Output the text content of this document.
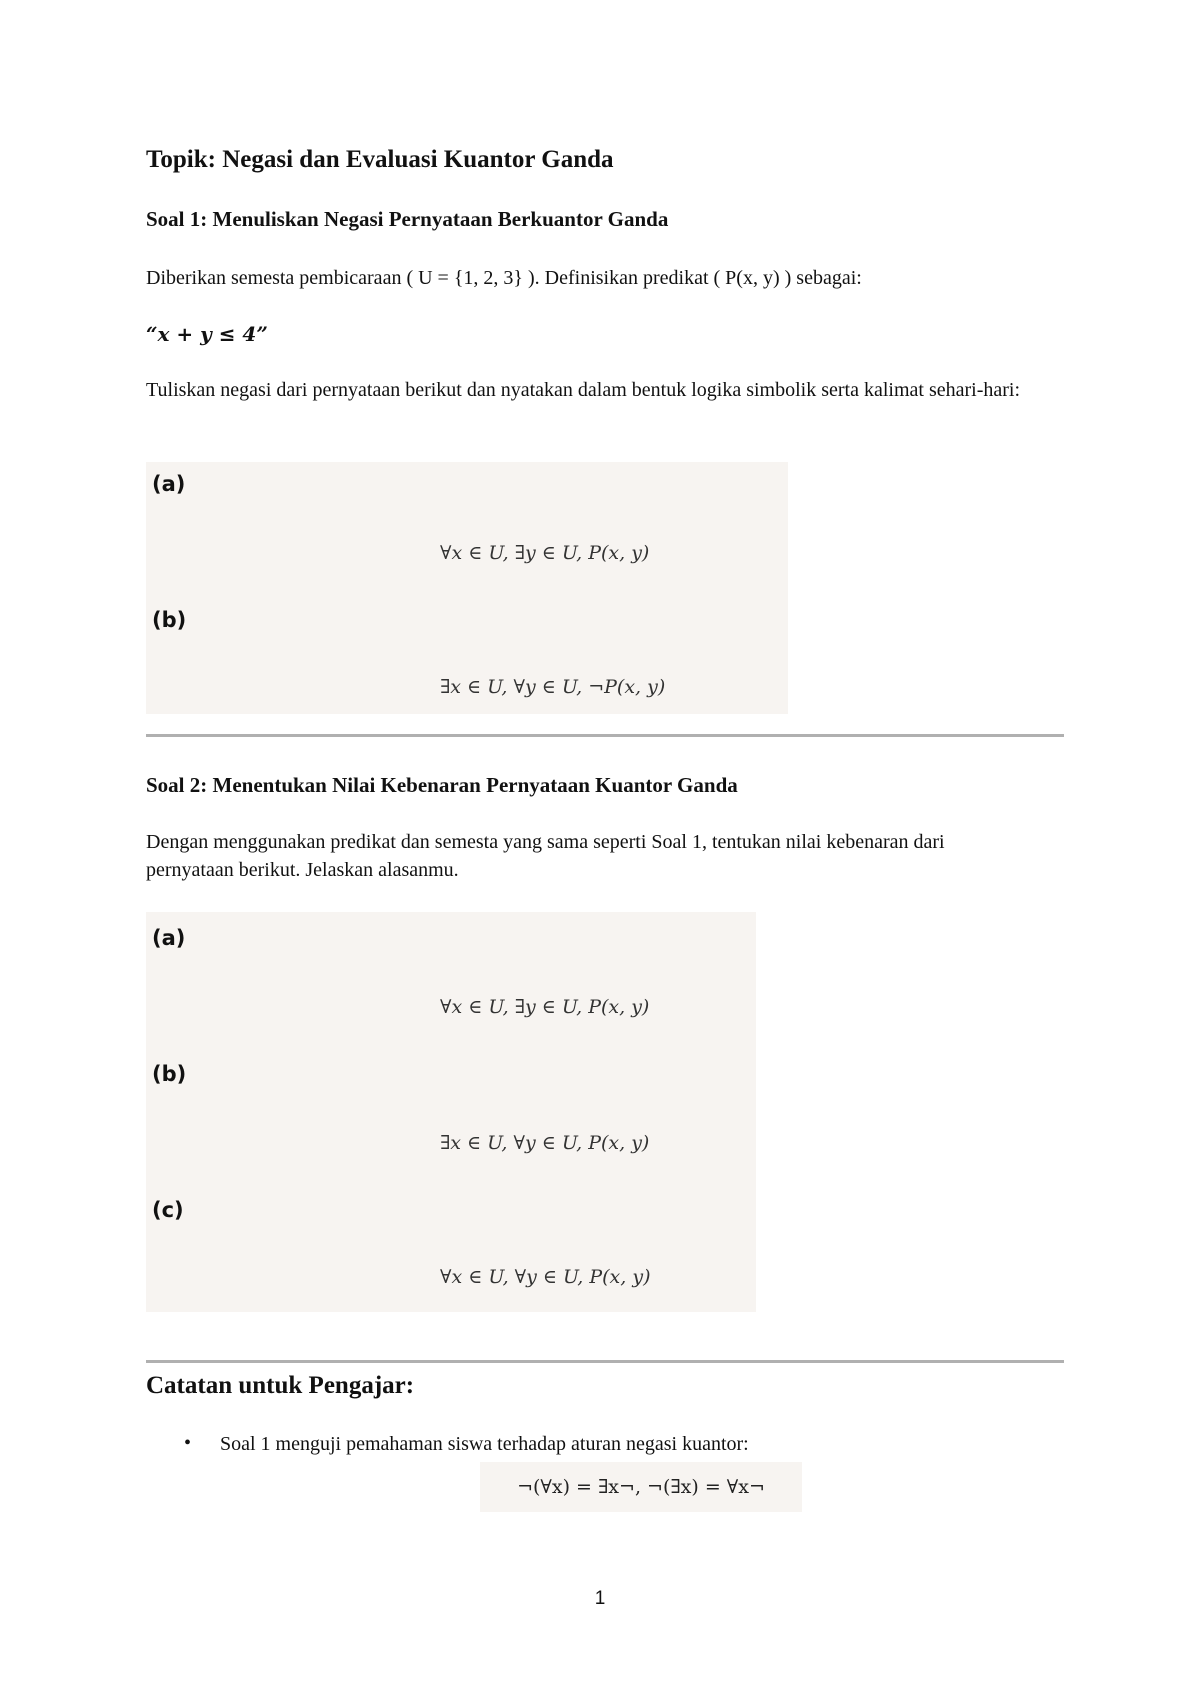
Topik: Negasi dan Evaluasi Kuantor Ganda
Soal 1: Menuliskan Negasi Pernyataan Berkuantor Ganda
Diberikan semesta pembicaraan ( U = {1, 2, 3} ). Definisikan predikat ( P(x, y) ) sebagai:
“x + y ≤ 4”
Tuliskan negasi dari pernyataan berikut dan nyatakan dalam bentuk logika simbolik serta kalimat sehari-hari:
(a)
∀x ∈ U, ∃y ∈ U, P(x, y)
(b)
∃x ∈ U, ∀y ∈ U, ¬P(x, y)
Soal 2: Menentukan Nilai Kebenaran Pernyataan Kuantor Ganda
Dengan menggunakan predikat dan semesta yang sama seperti Soal 1, tentukan nilai kebenaran dari pernyataan berikut. Jelaskan alasanmu.
(a)
∀x ∈ U, ∃y ∈ U, P(x, y)
(b)
∃x ∈ U, ∀y ∈ U, P(x, y)
(c)
∀x ∈ U, ∀y ∈ U, P(x, y)
Catatan untuk Pengajar:
• Soal 1 menguji pemahaman siswa terhadap aturan negasi kuantor:
¬(∀x) = ∃x¬, ¬(∃x) = ∀x¬
1
